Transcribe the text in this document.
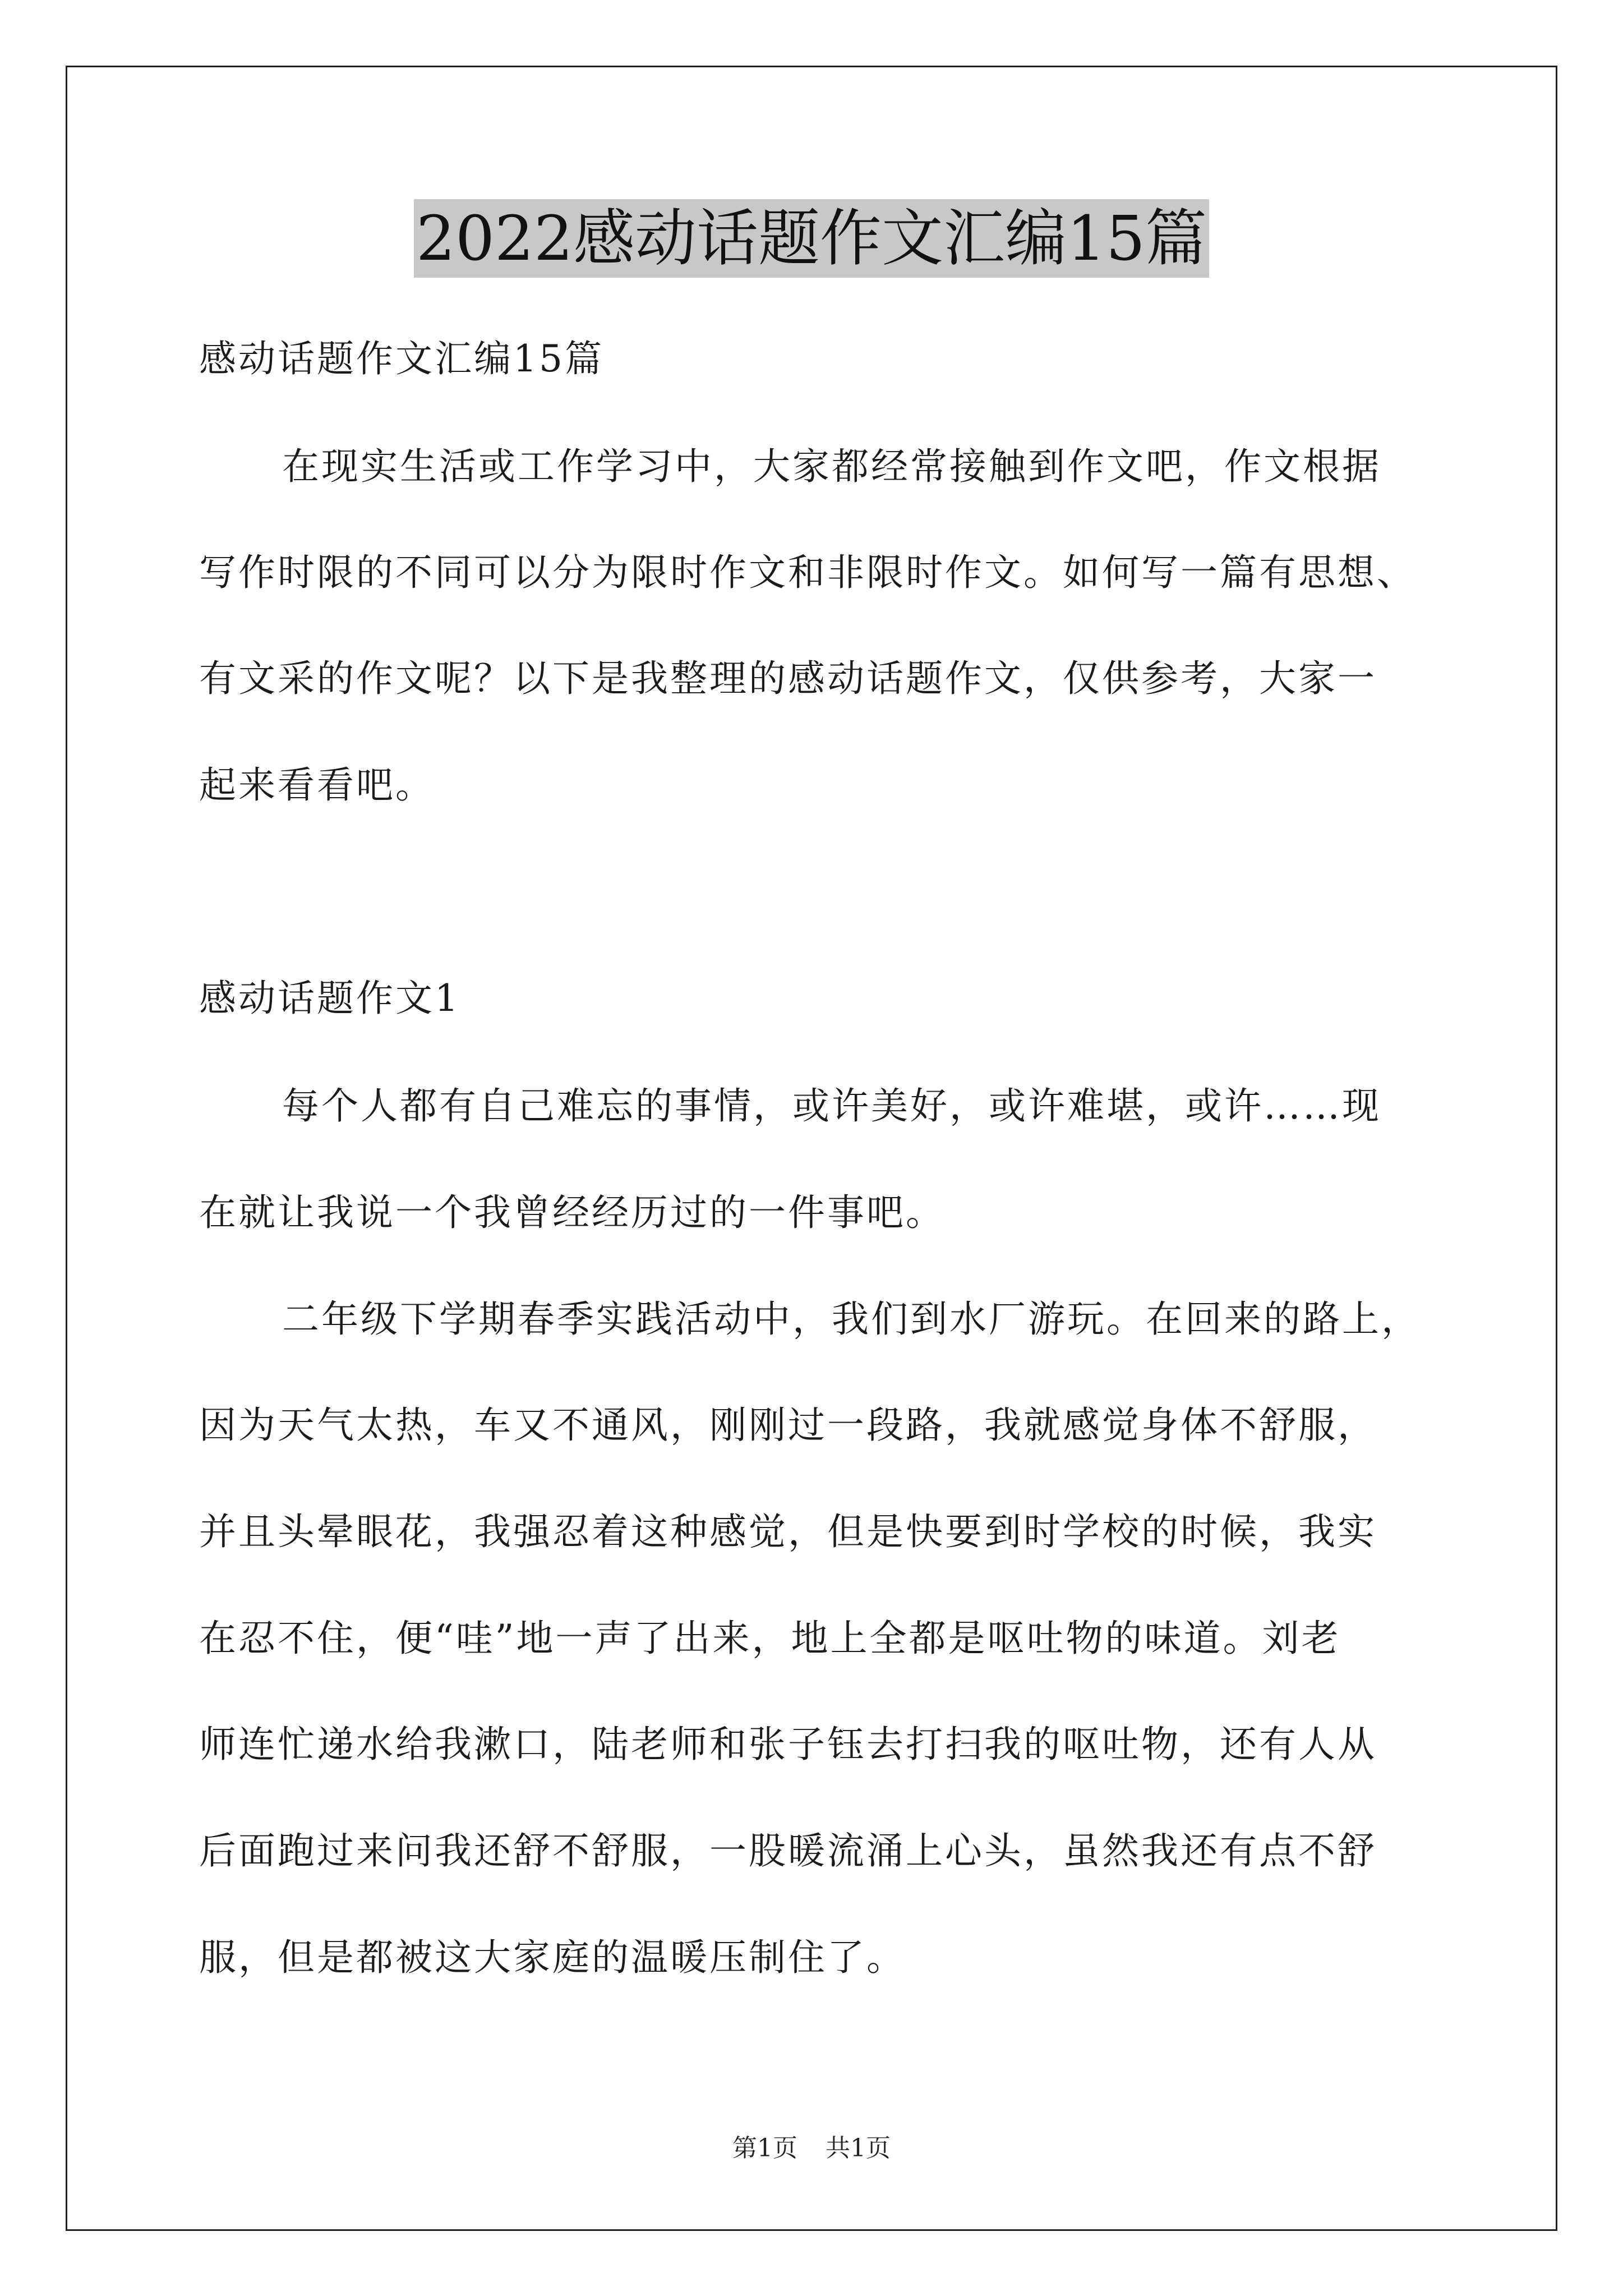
2022感动话题作文汇编15篇
感动话题作文汇编15篇
在现实生活或工作学习中，大家都经常接触到作文吧，作文根据
写作时限的不同可以分为限时作文和非限时作文。如何写一篇有思想、
有文采的作文呢？以下是我整理的感动话题作文，仅供参考，大家一
起来看看吧。
感动话题作文1
每个人都有自己难忘的事情，或许美好，或许难堪，或许……现
在就让我说一个我曾经经历过的一件事吧。
二年级下学期春季实践活动中，我们到水厂游玩。在回来的路上，
因为天气太热，车又不通风，刚刚过一段路，我就感觉身体不舒服，
并且头晕眼花，我强忍着这种感觉，但是快要到时学校的时候，我实
在忍不住，便“哇”地一声了出来，地上全都是呕吐物的味道。刘老
师连忙递水给我漱口，陆老师和张子钰去打扫我的呕吐物，还有人从
后面跑过来问我还舒不舒服，一股暖流涌上心头，虽然我还有点不舒
服，但是都被这大家庭的温暖压制住了。
第1页 共1页
